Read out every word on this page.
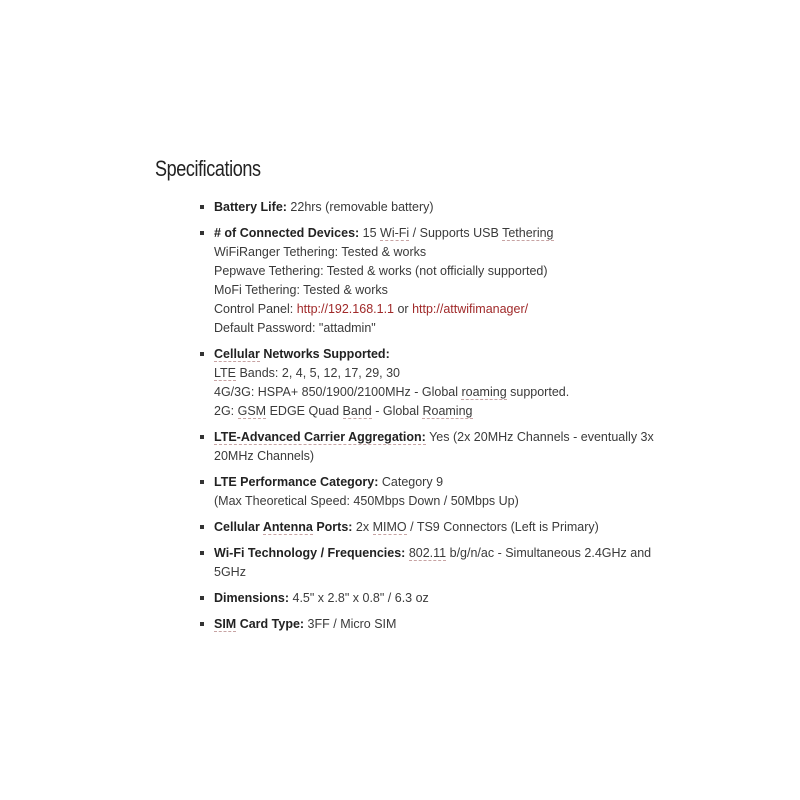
Specifications
Battery Life: 22hrs (removable battery)
# of Connected Devices: 15 Wi-Fi / Supports USB Tethering
WiFiRanger Tethering: Tested & works
Pepwave Tethering: Tested & works (not officially supported)
MoFi Tethering: Tested & works
Control Panel: http://192.168.1.1 or http://attwifimanager/
Default Password: "attadmin"
Cellular Networks Supported:
LTE Bands: 2, 4, 5, 12, 17, 29, 30
4G/3G: HSPA+ 850/1900/2100MHz - Global roaming supported.
2G: GSM EDGE Quad Band - Global Roaming
LTE-Advanced Carrier Aggregation: Yes (2x 20MHz Channels - eventually 3x
20MHz Channels)
LTE Performance Category: Category 9
(Max Theoretical Speed: 450Mbps Down / 50Mbps Up)
Cellular Antenna Ports: 2x MIMO / TS9 Connectors (Left is Primary)
Wi-Fi Technology / Frequencies: 802.11 b/g/n/ac - Simultaneous 2.4GHz and
5GHz
Dimensions: 4.5" x 2.8" x 0.8" / 6.3 oz
SIM Card Type: 3FF / Micro SIM
